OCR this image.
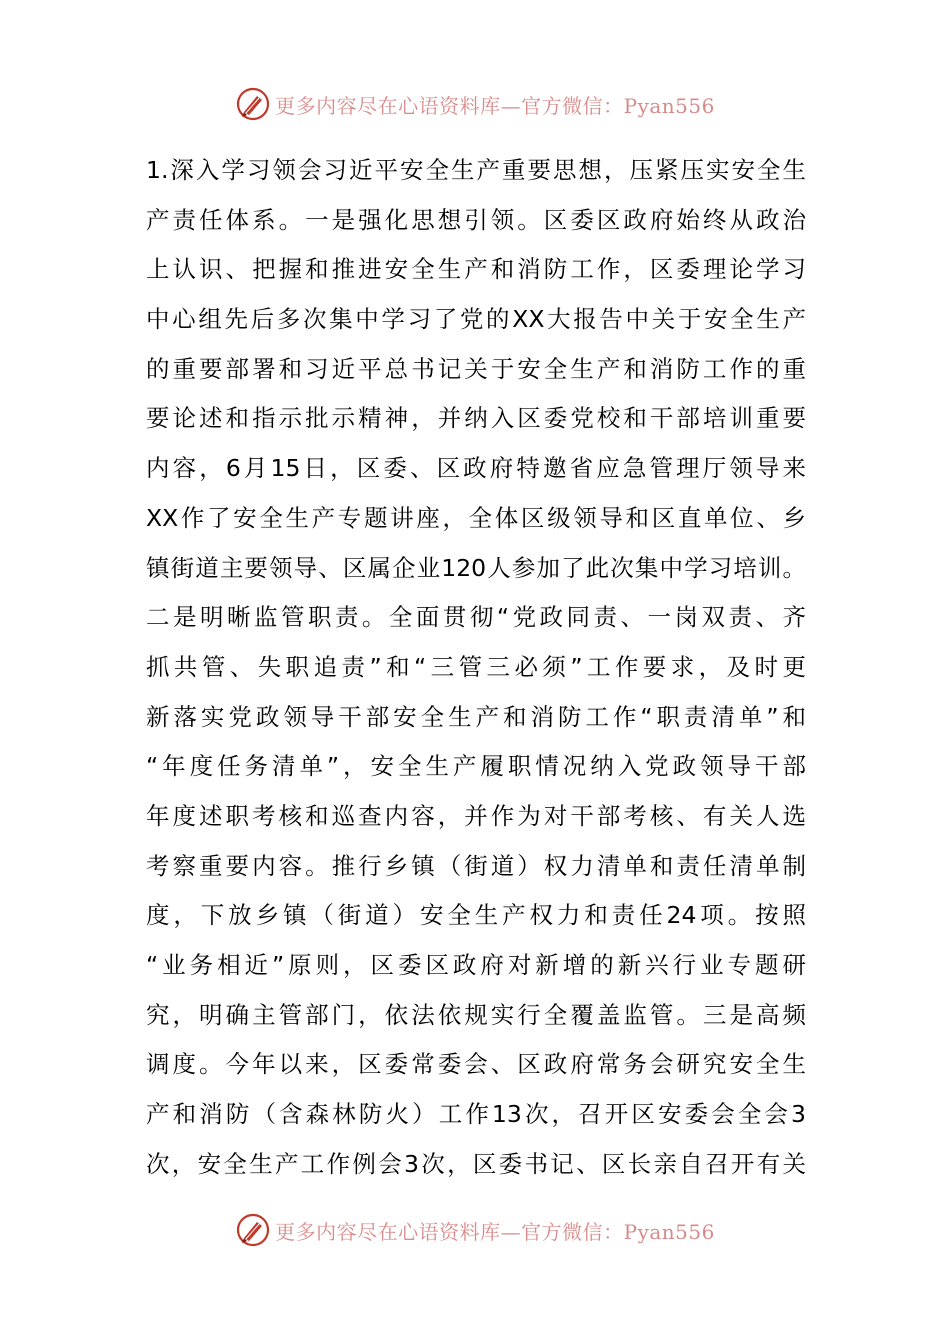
更多内容尽在心语资料库—官方微信：Pyan556
1.深入学习领会习近平安全生产重要思想，压紧压实安全生
产责任体系。一是强化思想引领。区委区政府始终从政治
上认识、把握和推进安全生产和消防工作，区委理论学习
中心组先后多次集中学习了党的XX大报告中关于安全生产
的重要部署和习近平总书记关于安全生产和消防工作的重
要论述和指示批示精神，并纳入区委党校和干部培训重要
内容，6月15日，区委、区政府特邀省应急管理厅领导来
XX作了安全生产专题讲座，全体区级领导和区直单位、乡
镇街道主要领导、区属企业120人参加了此次集中学习培训。
二是明晰监管职责。全面贯彻“党政同责、一岗双责、齐
抓共管、失职追责”和“三管三必须”工作要求，及时更
新落实党政领导干部安全生产和消防工作“职责清单”和
“年度任务清单”，安全生产履职情况纳入党政领导干部
年度述职考核和巡查内容，并作为对干部考核、有关人选
考察重要内容。推行乡镇（街道）权力清单和责任清单制
度，下放乡镇（街道）安全生产权力和责任24项。按照
“业务相近”原则，区委区政府对新增的新兴行业专题研
究，明确主管部门，依法依规实行全覆盖监管。三是高频
调度。今年以来，区委常委会、区政府常务会研究安全生
产和消防（含森林防火）工作13次，召开区安委会全会3
次，安全生产工作例会3次，区委书记、区长亲自召开有关
更多内容尽在心语资料库—官方微信：Pyan556
